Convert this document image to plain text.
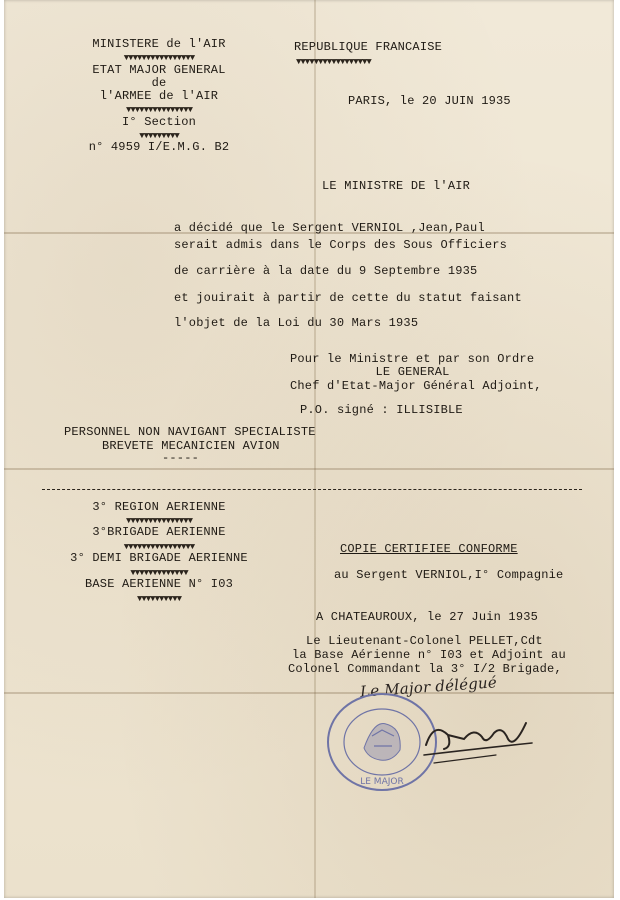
MINISTERE de l'AIR
▼▼▼▼▼▼▼▼▼▼▼▼▼▼▼▼
ETAT MAJOR GENERAL
de
l'ARMEE de l'AIR
▼▼▼▼▼▼▼▼▼▼▼▼▼▼▼
I° Section
▼▼▼▼▼▼▼▼▼
n° 4959 I/E.M.G. B2
REPUBLIQUE FRANCAISE
▼▼▼▼▼▼▼▼▼▼▼▼▼▼▼▼▼
PARIS, le 20 JUIN 1935
LE MINISTRE DE l'AIR
a décidé que le Sergent VERNIOL ,Jean,Paul
serait admis dans le Corps des Sous Officiers
de carrière à la date du 9 Septembre 1935
et jouirait à partir de cette du statut faisant
l'objet de la Loi du 30 Mars 1935
Pour le Ministre et par son Ordre
LE GENERAL
Chef d'Etat-Major Général Adjoint,
P.O. signé : ILLISIBLE
PERSONNEL NON NAVIGANT SPECIALISTE
BREVETE MECANICIEN AVION
-----
3° REGION AERIENNE
▼▼▼▼▼▼▼▼▼▼▼▼▼▼▼
3°BRIGADE AERIENNE
▼▼▼▼▼▼▼▼▼▼▼▼▼▼▼▼
3° DEMI BRIGADE AERIENNE
▼▼▼▼▼▼▼▼▼▼▼▼▼
BASE AERIENNE N° I03
▼▼▼▼▼▼▼▼▼▼
COPIE CERTIFIEE CONFORME
au Sergent VERNIOL,I° Compagnie
A CHATEAUROUX, le 27 Juin 1935
Le Lieutenant-Colonel PELLET,Cdt
la Base Aérienne n° I03 et Adjoint au
Colonel Commandant la 3° I/2 Brigade,
Le Major délégué
LE MAJOR
